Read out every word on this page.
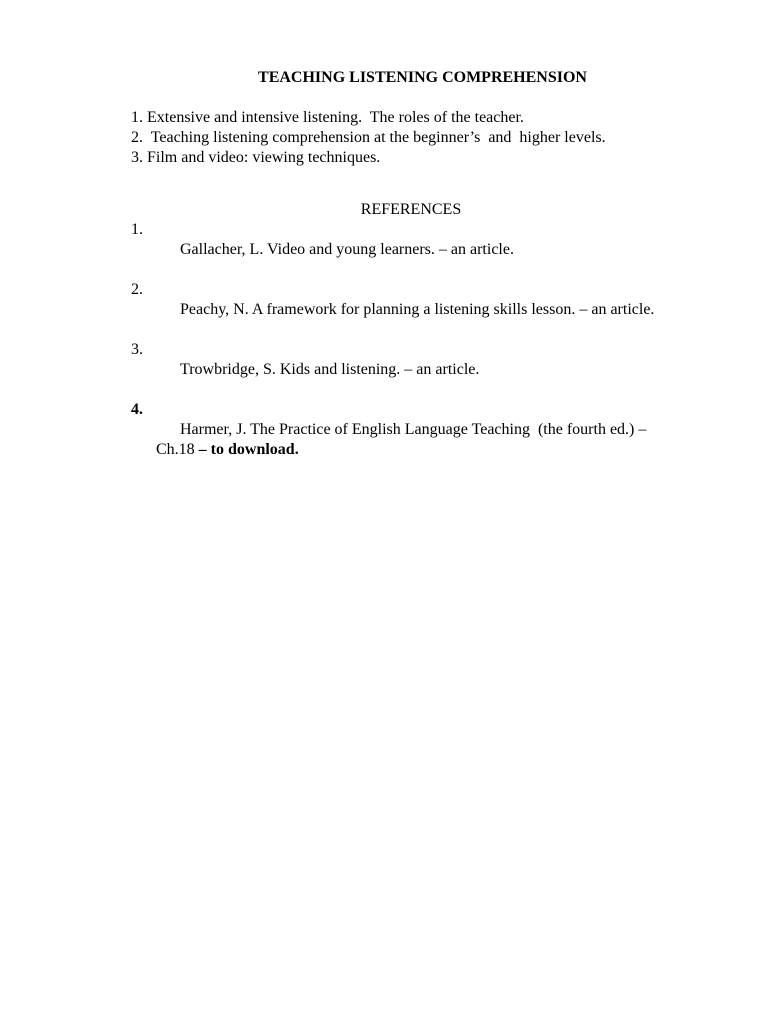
TEACHING LISTENING COMPREHENSION
1. Extensive and intensive listening.  The roles of the teacher.
2.  Teaching listening comprehension at the beginner’s  and  higher levels.
3. Film and video: viewing techniques.
REFERENCES

1.
Gallacher, L. Video and young learners. – an article.

2.
Peachy, N. A framework for planning a listening skills lesson. – an article.

3.
Trowbridge, S. Kids and listening. – an article.

4.
Harmer, J. The Practice of English Language Teaching  (the fourth ed.) –
Ch.18 – to download.
